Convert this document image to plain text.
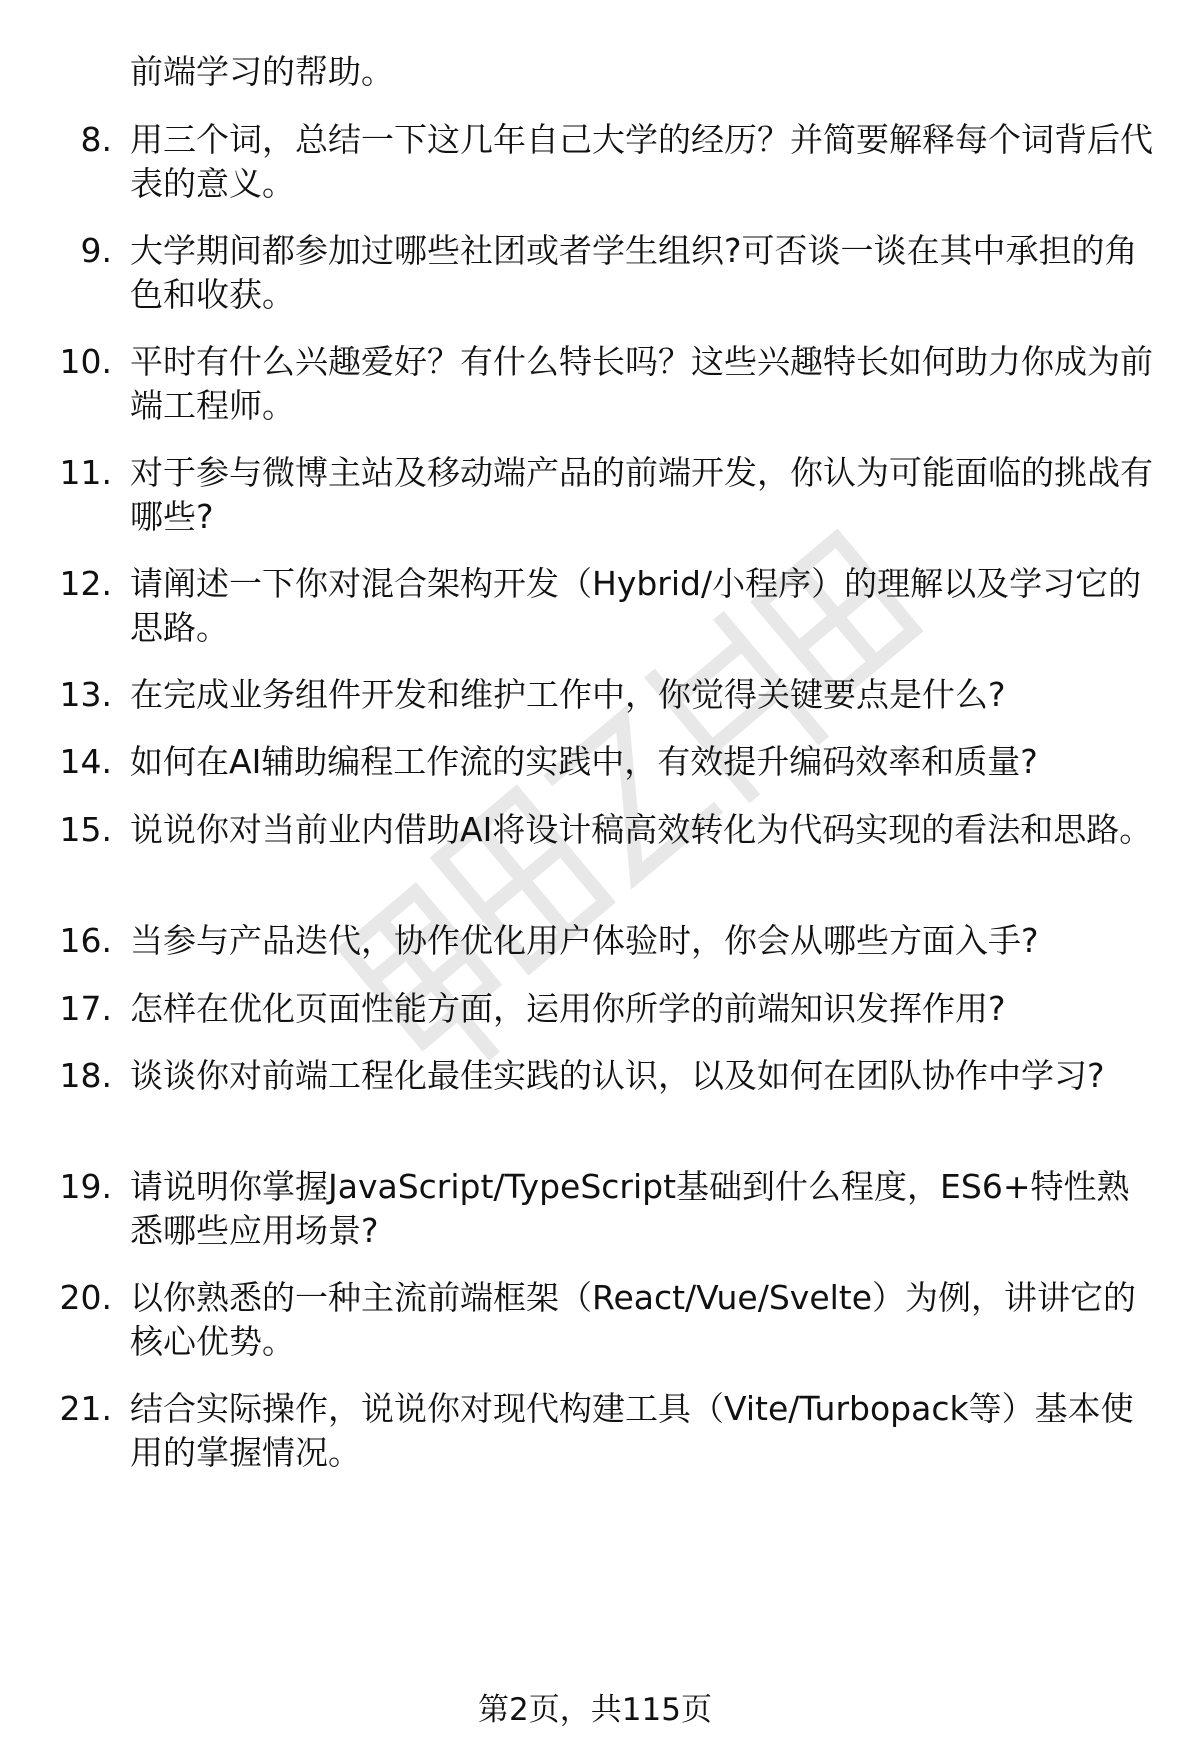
前端学习的帮助。
8. 用三个词，总结一下这几年自己大学的经历？并简要解释每个词背后代表的意义。
9. 大学期间都参加过哪些社团或者学生组织?可否谈一谈在其中承担的角色和收获。
10. 平时有什么兴趣爱好？有什么特长吗？这些兴趣特长如何助力你成为前端工程师。
11. 对于参与微博主站及移动端产品的前端开发，你认为可能面临的挑战有哪些?
12. 请阐述一下你对混合架构开发（Hybrid/小程序）的理解以及学习它的思路。
13. 在完成业务组件开发和维护工作中，你觉得关键要点是什么?
14. 如何在AI辅助编程工作流的实践中，有效提升编码效率和质量?
15. 说说你对当前业内借助AI将设计稿高效转化为代码实现的看法和思路。
16. 当参与产品迭代，协作优化用户体验时，你会从哪些方面入手?
17. 怎样在优化页面性能方面，运用你所学的前端知识发挥作用?
18. 谈谈你对前端工程化最佳实践的认识，以及如何在团队协作中学习?
19. 请说明你掌握JavaScript/TypeScript基础到什么程度，ES6+特性熟悉哪些应用场景?
20. 以你熟悉的一种主流前端框架（React/Vue/Svelte）为例，讲讲它的核心优势。
21. 结合实际操作，说说你对现代构建工具（Vite/Turbopack等）基本使用的掌握情况。
第2页，共115页
